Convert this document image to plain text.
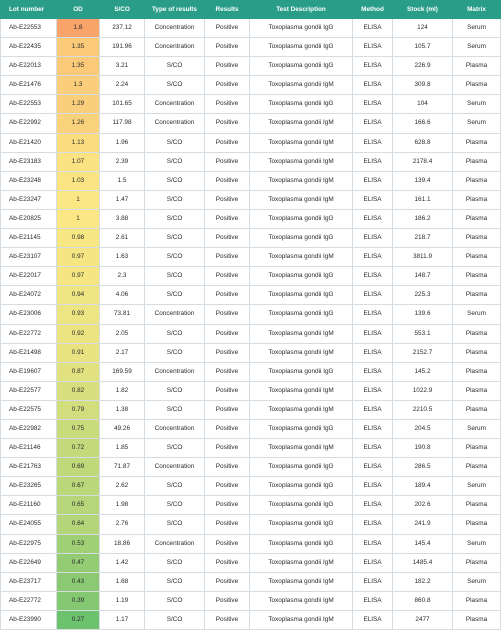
Lot number	OD	S/CO	Type of results	Results	Test Description	Method	Stock (ml)	Matrix
Ab-E22553	1.8	237.12	Concentration	Positive	Toxoplasma gondii IgG	ELISA	124	Serum
Ab-E22435	1.35	191.96	Concentration	Positive	Toxoplasma gondii IgG	ELISA	105.7	Serum
Ab-E22013	1.35	3.21	S/CO	Positive	Toxoplasma gondii IgG	ELISA	226.9	Plasma
Ab-E21476	1.3	2.24	S/CO	Positive	Toxoplasma gondii IgM	ELISA	309.8	Plasma
Ab-E22553	1.29	101.65	Concentration	Positive	Toxoplasma gondii IgG	ELISA	104	Serum
Ab-E22992	1.26	117.98	Concentration	Positive	Toxoplasma gondii IgM	ELISA	166.6	Serum
Ab-E21420	1.13	1.96	S/CO	Positive	Toxoplasma gondii IgM	ELISA	628.8	Plasma
Ab-E23183	1.07	2.39	S/CO	Positive	Toxoplasma gondii IgM	ELISA	2178.4	Plasma
Ab-E23248	1.03	1.5	S/CO	Positive	Toxoplasma gondii IgM	ELISA	139.4	Plasma
Ab-E23247	1	1.47	S/CO	Positive	Toxoplasma gondii IgM	ELISA	161.1	Plasma
Ab-E20825	1	3.88	S/CO	Positive	Toxoplasma gondii IgG	ELISA	186.2	Plasma
Ab-E21145	0.98	2.61	S/CO	Positive	Toxoplasma gondii IgG	ELISA	218.7	Plasma
Ab-E23107	0.97	1.63	S/CO	Positive	Toxoplasma gondii IgM	ELISA	3811.9	Plasma
Ab-E22017	0.97	2.3	S/CO	Positive	Toxoplasma gondii IgG	ELISA	148.7	Plasma
Ab-E24072	0.94	4.06	S/CO	Positive	Toxoplasma gondii IgG	ELISA	225.3	Plasma
Ab-E23006	0.93	73.81	Concentration	Positive	Toxoplasma gondii IgG	ELISA	139.6	Serum
Ab-E22772	0.92	2.05	S/CO	Positive	Toxoplasma gondii IgM	ELISA	553.1	Plasma
Ab-E21498	0.91	2.17	S/CO	Positive	Toxoplasma gondii IgM	ELISA	2152.7	Plasma
Ab-E19607	0.87	169.59	Concentration	Positive	Toxoplasma gondii IgG	ELISA	145.2	Plasma
Ab-E22577	0.82	1.82	S/CO	Positive	Toxoplasma gondii IgM	ELISA	1022.9	Plasma
Ab-E22575	0.79	1.38	S/CO	Positive	Toxoplasma gondii IgM	ELISA	2210.5	Plasma
Ab-E22982	0.75	49.26	Concentration	Positive	Toxoplasma gondii IgG	ELISA	204.5	Serum
Ab-E21146	0.72	1.85	S/CO	Positive	Toxoplasma gondii IgM	ELISA	190.8	Plasma
Ab-E21763	0.69	71.87	Concentration	Positive	Toxoplasma gondii IgG	ELISA	286.5	Plasma
Ab-E23265	0.67	2.62	S/CO	Positive	Toxoplasma gondii IgG	ELISA	189.4	Serum
Ab-E21160	0.65	1.98	S/CO	Positive	Toxoplasma gondii IgG	ELISA	202.6	Plasma
Ab-E24055	0.64	2.76	S/CO	Positive	Toxoplasma gondii IgG	ELISA	241.9	Plasma
Ab-E22975	0.53	18.86	Concentration	Positive	Toxoplasma gondii IgG	ELISA	145.4	Serum
Ab-E22649	0.47	1.42	S/CO	Positive	Toxoplasma gondii IgM	ELISA	1485.4	Plasma
Ab-E23717	0.43	1.68	S/CO	Positive	Toxoplasma gondii IgM	ELISA	182.2	Serum
Ab-E22772	0.39	1.19	S/CO	Positive	Toxoplasma gondii IgM	ELISA	860.8	Plasma
Ab-E23990	0.27	1.17	S/CO	Positive	Toxoplasma gondii IgM	ELISA	2477	Plasma
